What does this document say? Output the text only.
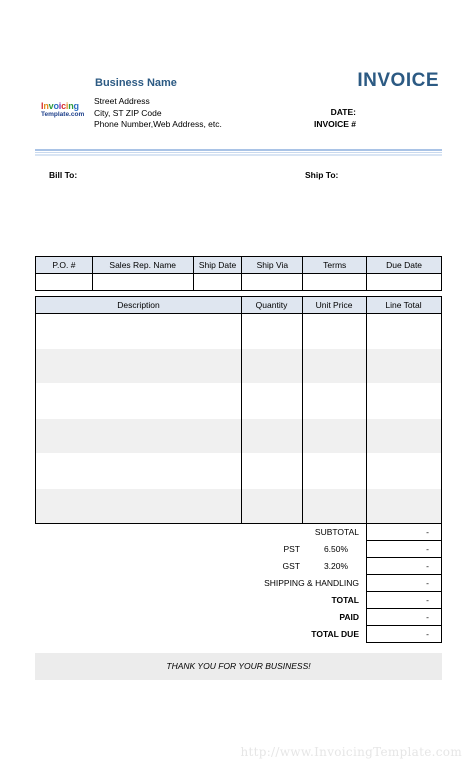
Business Name
Street Address
City, ST ZIP Code
Phone Number,Web Address, etc.
Invoicing
Template.com
INVOICE
DATE:
INVOICE #
Bill To:	Ship To:
P.O. #	Sales Rep. Name	Ship Date	Ship Via	Terms	Due Date

Description	Quantity	Unit Price	Line Total
SUBTOTAL	-
PST	6.50%	-
GST	3.20%	-
SHIPPING & HANDLING	-
TOTAL	-
PAID	-
TOTAL DUE	-
THANK YOU FOR YOUR BUSINESS!
http://www.InvoicingTemplate.com
